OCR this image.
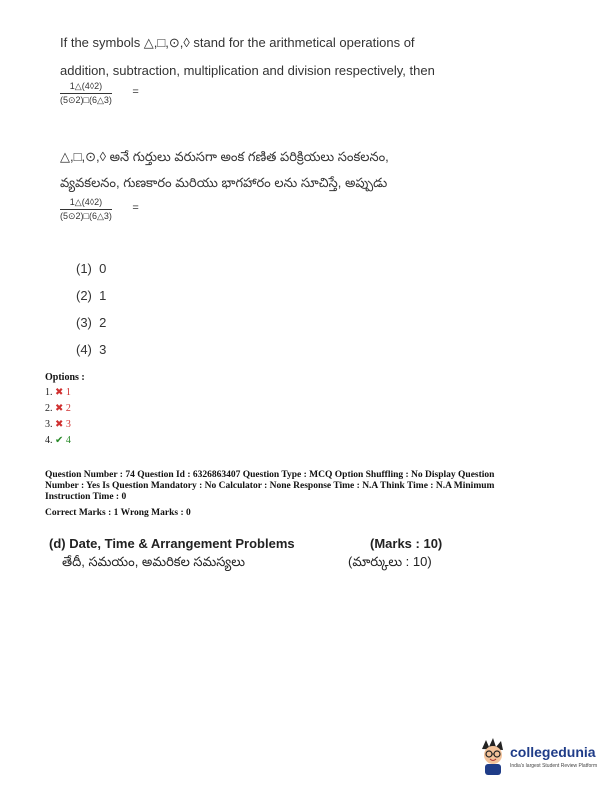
If the symbols △,□,⊙,◊ stand for the arithmetical operations of
addition, subtraction, multiplication and division respectively, then
$\frac{1\triangle(4◊2)}{(5⊙2)□(6\triangle 3)} ^=$
△,□,⊙,◊ అనే గుర్తులు వరుసగా అంక గణిత పరిక్రియలు సంకలనం,
వ్యవకలనం, గుణకారం మరియు భాగహారం లను సూచిస్తే, అప్పుడు
$\frac{1\triangle(4◊2)}{(5⊙2)□(6\triangle 3)} ^=$
(1) 0
(2) 1
(3) 2
(4) 3
Options :
1. ✖ 1
2. ✖ 2
3. ✖ 3
4. ✔ 4
Question Number : 74 Question Id : 6326863407 Question Type : MCQ Option Shuffling : No Display Question
Number : Yes Is Question Mandatory : No Calculator : None Response Time : N.A Think Time : N.A Minimum
Instruction Time : 0
Correct Marks : 1 Wrong Marks : 0
(d) Date, Time & Arrangement Problems	(Marks : 10)
తేదీ, సమయం, అమరికల సమస్యలు	(మార్కులు : 10)
collegedunia
India's largest Student Review Platform
